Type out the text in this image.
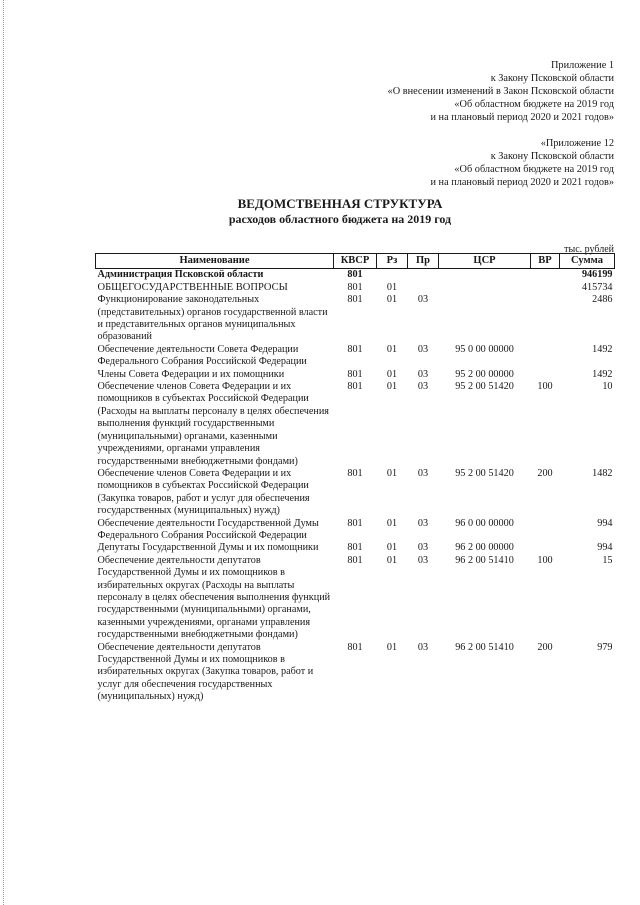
Приложение 1
к Закону Псковской области
«О внесении изменений в Закон Псковской области
«Об областном бюджете на 2019 год
и на плановый период 2020 и 2021 годов»
«Приложение 12
к Закону Псковской области
«Об областном бюджете на 2019 год
и на плановый период 2020 и 2021 годов»
ВЕДОМСТВЕННАЯ СТРУКТУРА
расходов областного бюджета на 2019 год
тыс. рублей
Наименование	КВСР	Рз	Пр	ЦСР	ВР	Сумма
Администрация Псковской области	801					946199
ОБЩЕГОСУДАРСТВЕННЫЕ ВОПРОСЫ	801	01				415734
Функционирование законодательных (представительных) органов государственной власти и представительных органов муниципальных образований	801	01	03			2486
Обеспечение деятельности Совета Федерации Федерального Собрания Российской Федерации	801	01	03	95 0 00 00000		1492
Члены Совета Федерации и их помощники	801	01	03	95 2 00 00000		1492
Обеспечение членов Совета Федерации и их помощников в субъектах Российской Федерации (Расходы на выплаты персоналу в целях обеспечения выполнения функций государственными (муниципальными) органами, казенными учреждениями, органами управления государственными внебюджетными фондами)	801	01	03	95 2 00 51420	100	10
Обеспечение членов Совета Федерации и их помощников в субъектах Российской Федерации (Закупка товаров, работ и услуг для обеспечения государственных (муниципальных) нужд)	801	01	03	95 2 00 51420	200	1482
Обеспечение деятельности Государственной Думы Федерального Собрания Российской Федерации	801	01	03	96 0 00 00000		994
Депутаты Государственной Думы и их помощники	801	01	03	96 2 00 00000		994
Обеспечение деятельности депутатов Государственной Думы и их помощников в избирательных округах (Расходы на выплаты персоналу в целях обеспечения выполнения функций государственными (муниципальными) органами, казенными учреждениями, органами управления государственными внебюджетными фондами)	801	01	03	96 2 00 51410	100	15
Обеспечение деятельности депутатов Государственной Думы и их помощников в избирательных округах (Закупка товаров, работ и услуг для обеспечения государственных (муниципальных) нужд)	801	01	03	96 2 00 51410	200	979
